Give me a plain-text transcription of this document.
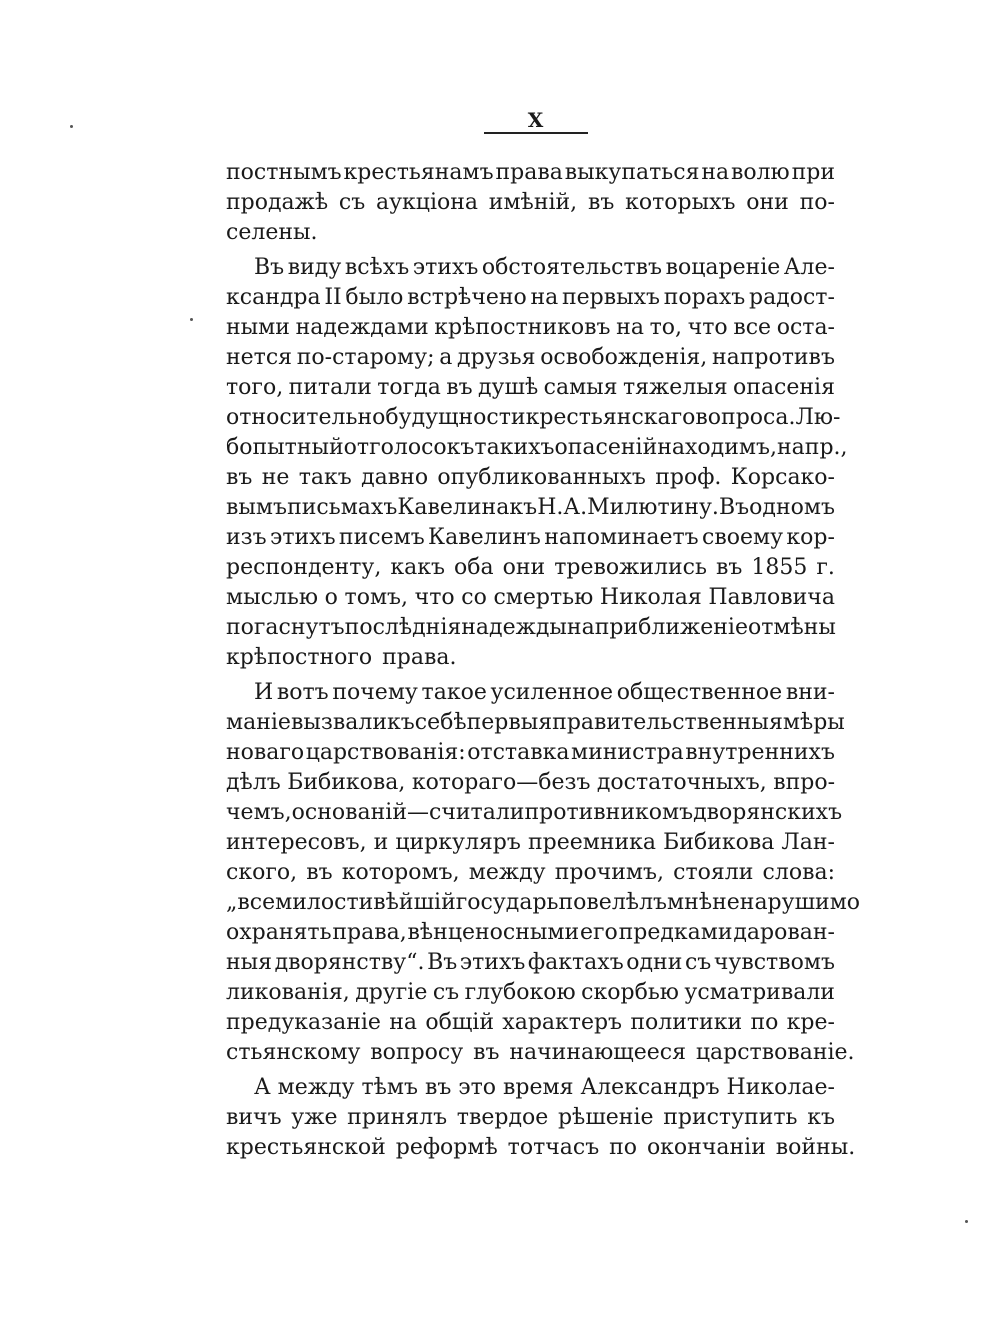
X
постнымъ крестьянамъ права выкупаться на волю при
продажѣ съ аукціона имѣній, въ которыхъ они по-
селены.
Въ виду всѣхъ этихъ обстоятельствъ воцареніе Але-
ксандра II было встрѣчено на первыхъ порахъ радост-
ными надеждами крѣпостниковъ на то, что все оста-
нется по-старому; а друзья освобожденія, напротивъ
того, питали тогда въ душѣ самыя тяжелыя опасенія
относительно будущности крестьянскаго вопроса. Лю-
бопытный отголосокъ такихъ опасеній находимъ, напр.,
въ не такъ давно опубликованныхъ проф. Корсако-
вымъ письмахъ Кавелина къ Н. А. Милютину. Въ одномъ
изъ этихъ писемъ Кавелинъ напоминаетъ своему кор-
респонденту, какъ оба они тревожились въ 1855 г.
мыслью о томъ, что со смертью Николая Павловича
погаснутъ послѣднія надежды на приближеніе отмѣны
крѣпостного права.
И вотъ почему такое усиленное общественное вни-
маніе вызвали къ себѣ первыя правительственныя мѣры
новаго царствованія: отставка министра внутреннихъ
дѣлъ Бибикова, котораго—безъ достаточныхъ, впро-
чемъ, основаній—считали противникомъ дворянскихъ
интересовъ, и циркуляръ преемника Бибикова Лан-
ского, въ которомъ, между прочимъ, стояли слова:
„всемилостивѣйшій государь повелѣлъ мнѣ ненарушимо
охранять права, вѣнценосными его предками дарован-
ныя дворянству“. Въ этихъ фактахъ одни съ чувствомъ
ликованія, другіе съ глубокою скорбью усматривали
предуказаніе на общій характеръ политики по кре-
стьянскому вопросу въ начинающееся царствованіе.
А между тѣмъ въ это время Александръ Николае-
вичъ уже принялъ твердое рѣшеніе приступить къ
крестьянской реформѣ тотчасъ по окончаніи войны.
